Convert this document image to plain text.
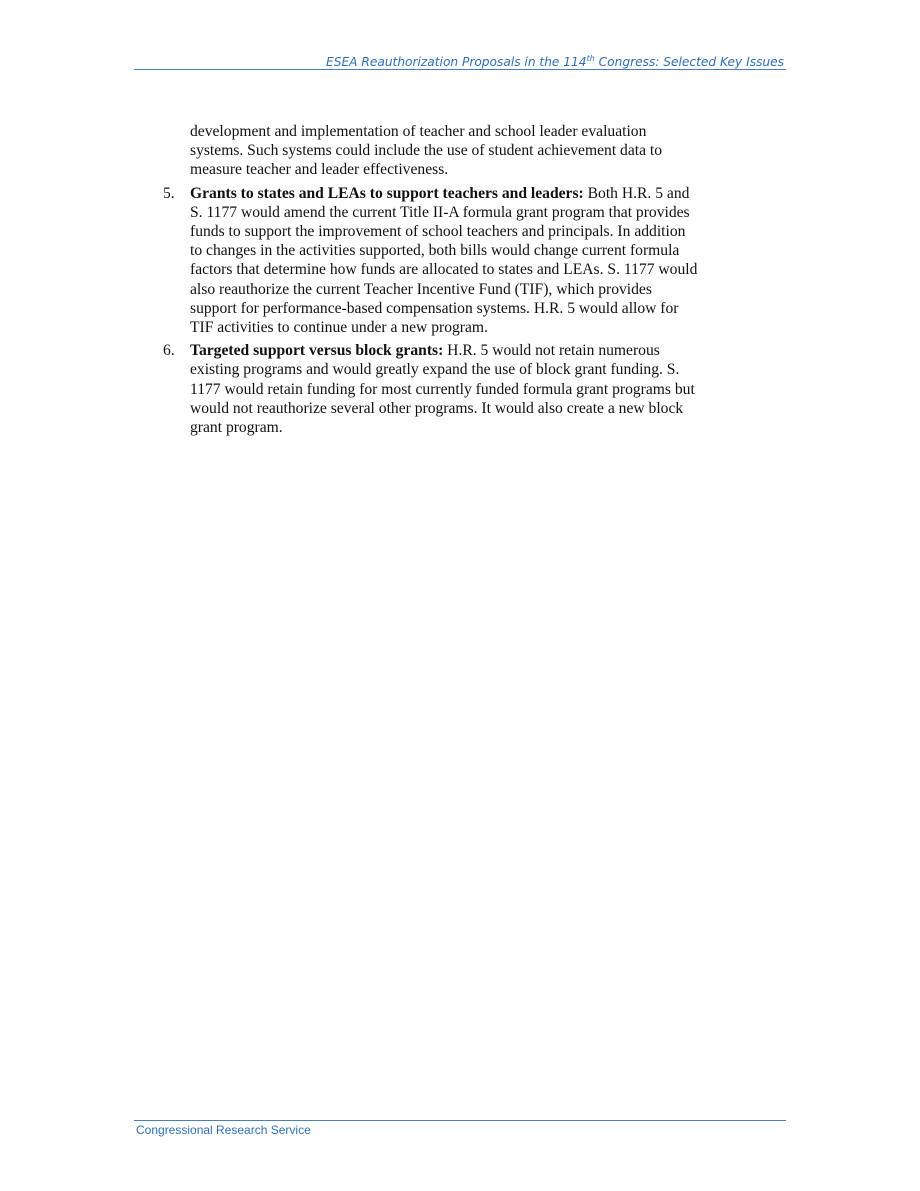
ESEA Reauthorization Proposals in the 114th Congress: Selected Key Issues

development and implementation of teacher and school leader evaluation
systems. Such systems could include the use of student achievement data to
measure teacher and leader effectiveness.

5. Grants to states and LEAs to support teachers and leaders: Both H.R. 5 and
S. 1177 would amend the current Title II-A formula grant program that provides
funds to support the improvement of school teachers and principals. In addition
to changes in the activities supported, both bills would change current formula
factors that determine how funds are allocated to states and LEAs. S. 1177 would
also reauthorize the current Teacher Incentive Fund (TIF), which provides
support for performance-based compensation systems. H.R. 5 would allow for
TIF activities to continue under a new program.

6. Targeted support versus block grants: H.R. 5 would not retain numerous
existing programs and would greatly expand the use of block grant funding. S.
1177 would retain funding for most currently funded formula grant programs but
would not reauthorize several other programs. It would also create a new block
grant program.

Congressional Research Service
